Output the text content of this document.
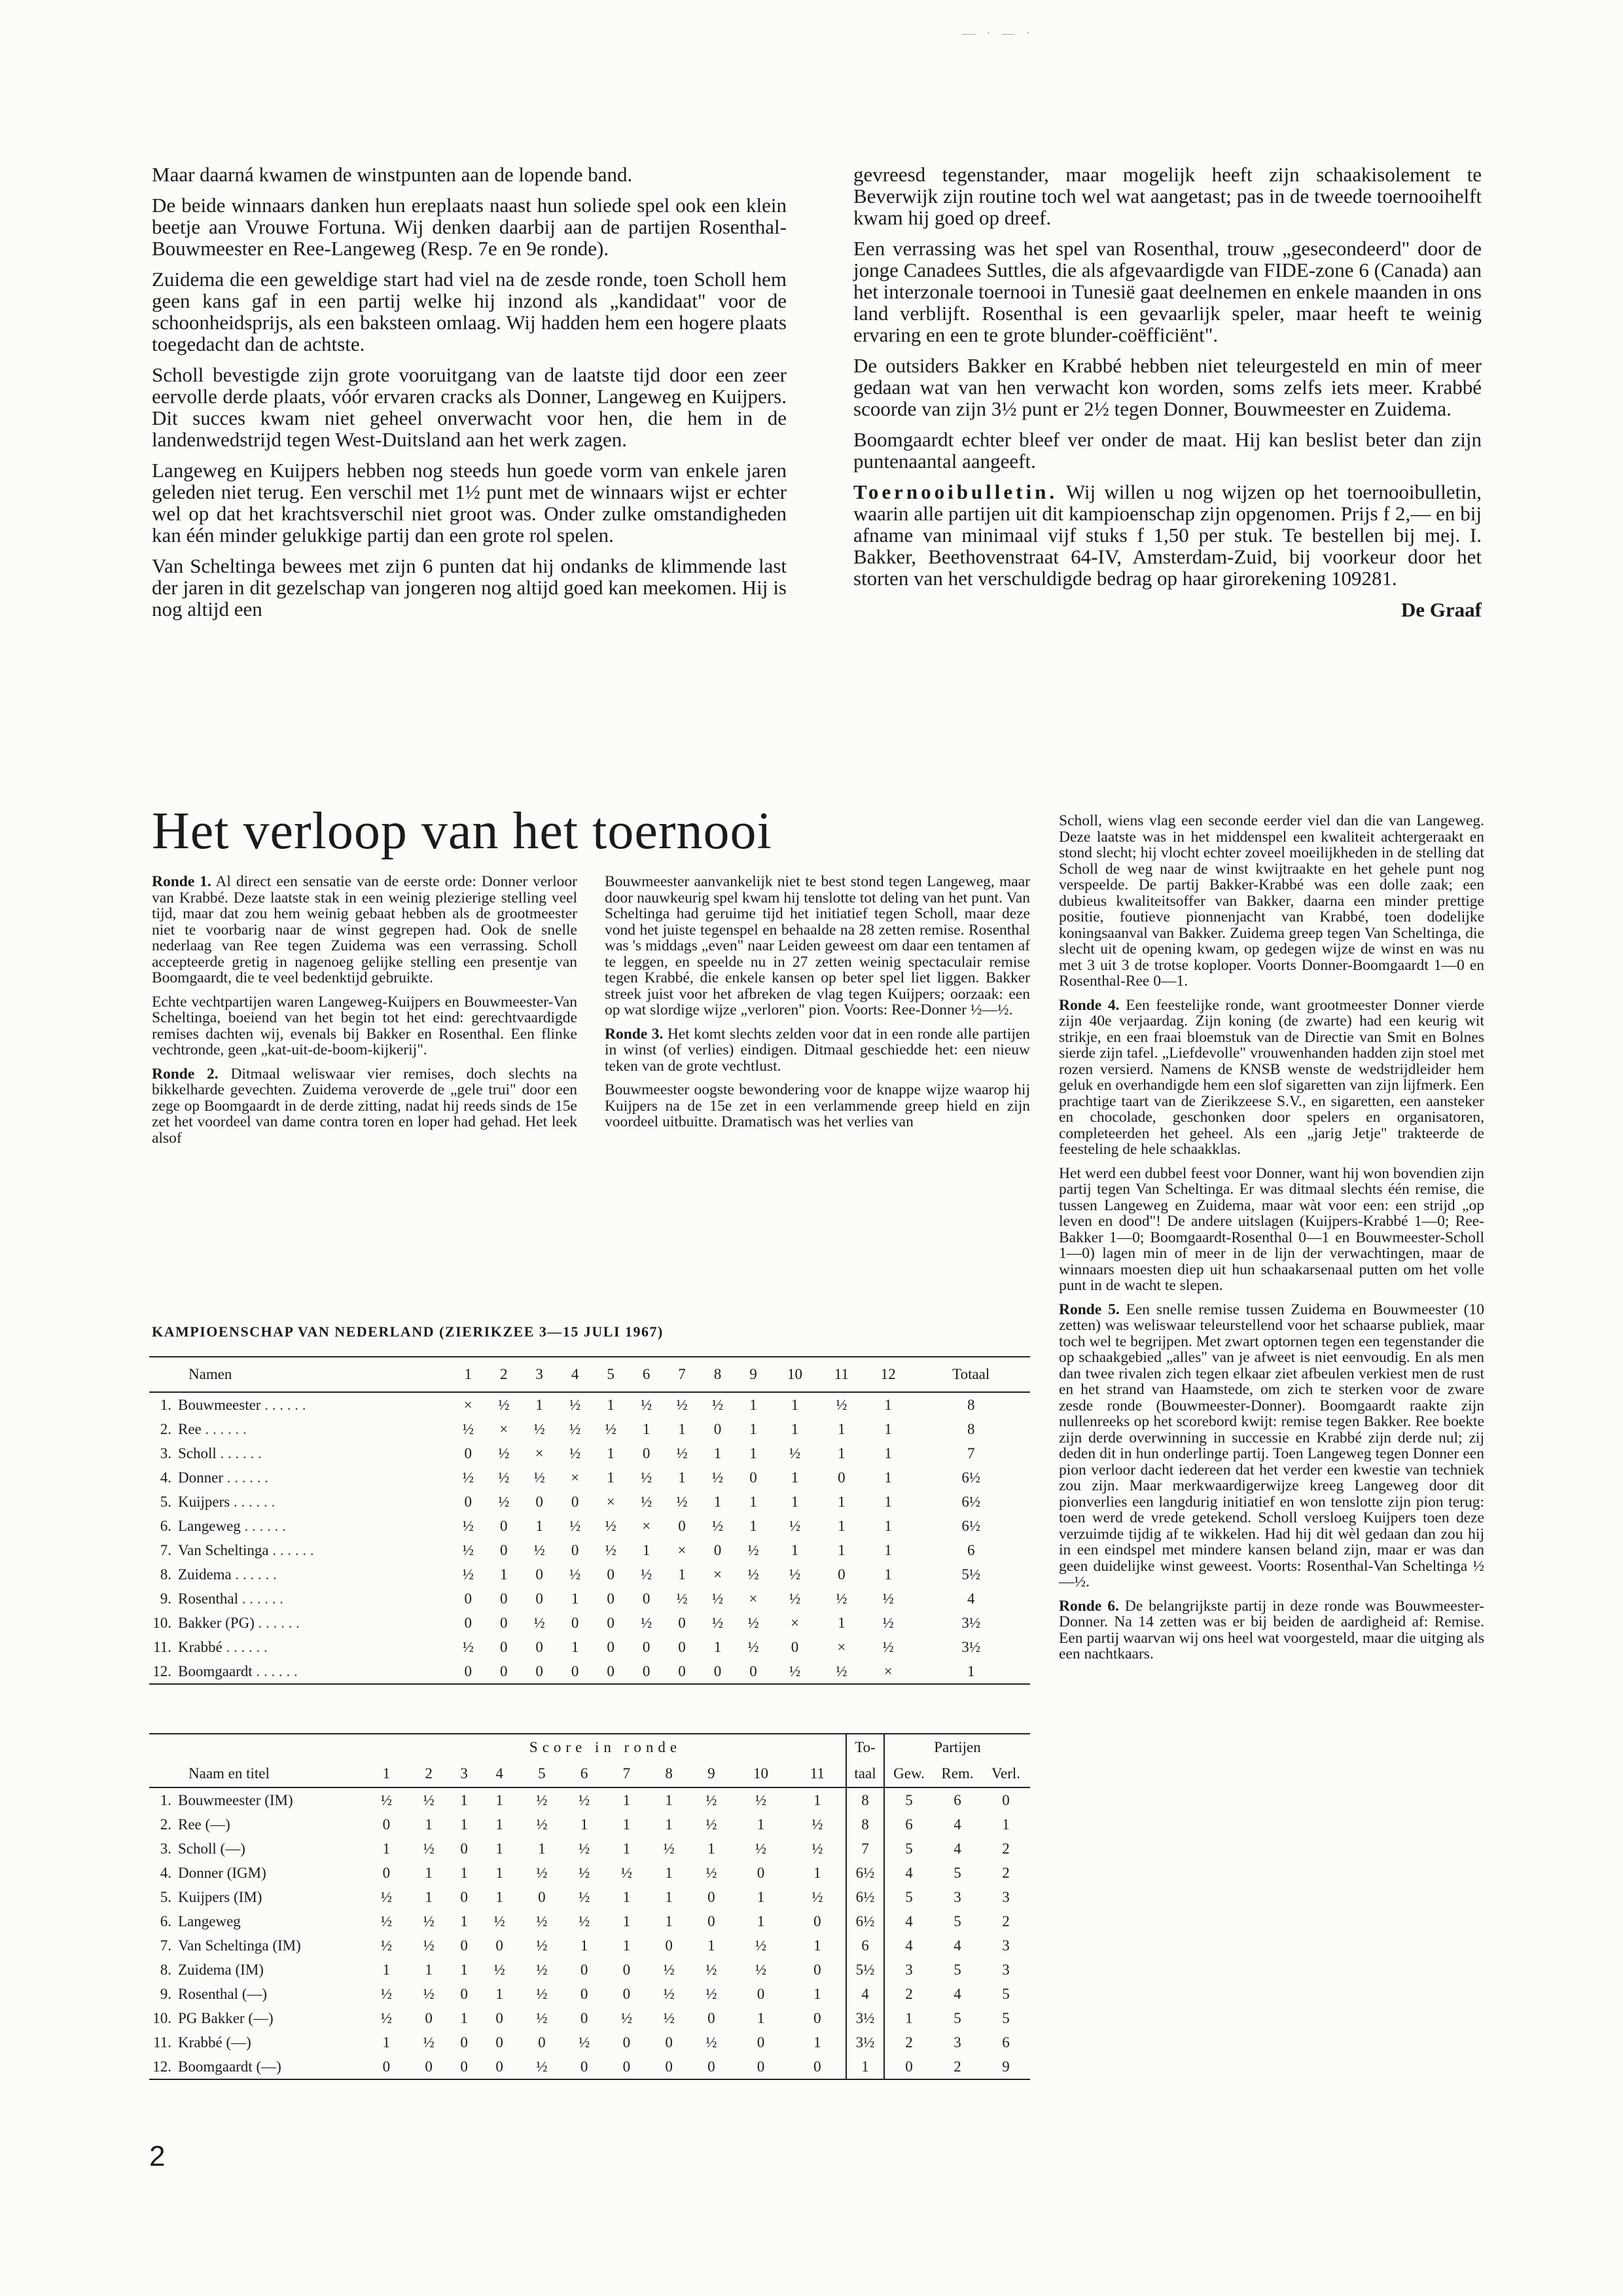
— · — ·

Maar daarná kwamen de winstpunten aan de lopende band.

De beide winnaars danken hun ereplaats naast hun soliede spel ook een klein beetje aan Vrouwe Fortuna. Wij denken daarbij aan de partijen Rosenthal-Bouwmeester en Ree-Langeweg (Resp. 7e en 9e ronde).

Zuidema die een geweldige start had viel na de zesde ronde, toen Scholl hem geen kans gaf in een partij welke hij inzond als „kandidaat" voor de schoonheidsprijs, als een baksteen omlaag. Wij hadden hem een hogere plaats toegedacht dan de achtste.

Scholl bevestigde zijn grote vooruitgang van de laatste tijd door een zeer eervolle derde plaats, vóór ervaren cracks als Donner, Langeweg en Kuijpers. Dit succes kwam niet geheel onverwacht voor hen, die hem in de landenwedstrijd tegen West-Duitsland aan het werk zagen.

Langeweg en Kuijpers hebben nog steeds hun goede vorm van enkele jaren geleden niet terug. Een verschil met 1½ punt met de winnaars wijst er echter wel op dat het krachtsverschil niet groot was. Onder zulke omstandigheden kan één minder gelukkige partij dan een grote rol spelen.

Van Scheltinga bewees met zijn 6 punten dat hij ondanks de klimmende last der jaren in dit gezelschap van jongeren nog altijd goed kan meekomen. Hij is nog altijd een

gevreesd tegenstander, maar mogelijk heeft zijn schaakisolement te Beverwijk zijn routine toch wel wat aangetast; pas in de tweede toernooihelft kwam hij goed op dreef.

Een verrassing was het spel van Rosenthal, trouw „gesecondeerd" door de jonge Canadees Suttles, die als afgevaardigde van FIDE-zone 6 (Canada) aan het interzonale toernooi in Tunesië gaat deelnemen en enkele maanden in ons land verblijft. Rosenthal is een gevaarlijk speler, maar heeft te weinig ervaring en een te grote blunder-coëfficiënt".

De outsiders Bakker en Krabbé hebben niet teleurgesteld en min of meer gedaan wat van hen verwacht kon worden, soms zelfs iets meer. Krabbé scoorde van zijn 3½ punt er 2½ tegen Donner, Bouwmeester en Zuidema.

Boomgaardt echter bleef ver onder de maat. Hij kan beslist beter dan zijn puntenaantal aangeeft.

Toernooibulletin. Wij willen u nog wijzen op het toernooibulletin, waarin alle partijen uit dit kampioenschap zijn opgenomen. Prijs f 2,— en bij afname van minimaal vijf stuks f 1,50 per stuk. Te bestellen bij mej. I. Bakker, Beethovenstraat 64-IV, Amsterdam-Zuid, bij voorkeur door het storten van het verschuldigde bedrag op haar girorekening 109281.

De Graaf
Het verloop van het toernooi

Ronde 1. Al direct een sensatie van de eerste orde: Donner verloor van Krabbé. Deze laatste stak in een weinig plezierige stelling veel tijd, maar dat zou hem weinig gebaat hebben als de grootmeester niet te voorbarig naar de winst gegrepen had. Ook de snelle nederlaag van Ree tegen Zuidema was een verrassing. Scholl accepteerde gretig in nagenoeg gelijke stelling een presentje van Boomgaardt, die te veel bedenktijd gebruikte.

Echte vechtpartijen waren Langeweg-Kuijpers en Bouwmeester-Van Scheltinga, boeiend van het begin tot het eind: gerechtvaardigde remises dachten wij, evenals bij Bakker en Rosenthal. Een flinke vechtronde, geen „kat-uit-de-boom-kijkerij".

Ronde 2. Ditmaal weliswaar vier remises, doch slechts na bikkelharde gevechten. Zuidema veroverde de „gele trui" door een zege op Boomgaardt in de derde zitting, nadat hij reeds sinds de 15e zet het voordeel van dame contra toren en loper had gehad. Het leek alsof

Bouwmeester aanvankelijk niet te best stond tegen Langeweg, maar door nauwkeurig spel kwam hij tenslotte tot deling van het punt. Van Scheltinga had geruime tijd het initiatief tegen Scholl, maar deze vond het juiste tegenspel en behaalde na 28 zetten remise. Rosenthal was 's middags „even" naar Leiden geweest om daar een tentamen af te leggen, en speelde nu in 27 zetten weinig spectaculair remise tegen Krabbé, die enkele kansen op beter spel liet liggen. Bakker streek juist voor het afbreken de vlag tegen Kuijpers; oorzaak: een op wat slordige wijze „verloren" pion. Voorts: Ree-Donner ½—½.

Ronde 3. Het komt slechts zelden voor dat in een ronde alle partijen in winst (of verlies) eindigen. Ditmaal geschiedde het: een nieuw teken van de grote vechtlust.

Bouwmeester oogste bewondering voor de knappe wijze waarop hij Kuijpers na de 15e zet in een verlammende greep hield en zijn voordeel uitbuitte. Dramatisch was het verlies van

Scholl, wiens vlag een seconde eerder viel dan die van Langeweg. Deze laatste was in het middenspel een kwaliteit achtergeraakt en stond slecht; hij vlocht echter zoveel moeilijkheden in de stelling dat Scholl de weg naar de winst kwijtraakte en het gehele punt nog verspeelde. De partij Bakker-Krabbé was een dolle zaak; een dubieus kwaliteitsoffer van Bakker, daarna een minder prettige positie, foutieve pionnenjacht van Krabbé, toen dodelijke koningsaanval van Bakker. Zuidema greep tegen Van Scheltinga, die slecht uit de opening kwam, op gedegen wijze de winst en was nu met 3 uit 3 de trotse koploper. Voorts Donner-Boomgaardt 1—0 en Rosenthal-Ree 0—1.

Ronde 4. Een feestelijke ronde, want grootmeester Donner vierde zijn 40e verjaardag. Zijn koning (de zwarte) had een keurig wit strikje, en een fraai bloemstuk van de Directie van Smit en Bolnes sierde zijn tafel. „Liefdevolle" vrouwenhanden hadden zijn stoel met rozen versierd. Namens de KNSB wenste de wedstrijdleider hem geluk en overhandigde hem een slof sigaretten van zijn lijfmerk. Een prachtige taart van de Zierikzeese S.V., en sigaretten, een aansteker en chocolade, geschonken door spelers en organisatoren, completeerden het geheel. Als een „jarig Jetje" trakteerde de feesteling de hele schaakklas.

Het werd een dubbel feest voor Donner, want hij won bovendien zijn partij tegen Van Scheltinga. Er was ditmaal slechts één remise, die tussen Langeweg en Zuidema, maar wàt voor een: een strijd „op leven en dood"! De andere uitslagen (Kuijpers-Krabbé 1—0; Ree-Bakker 1—0; Boomgaardt-Rosenthal 0—1 en Bouwmeester-Scholl 1—0) lagen min of meer in de lijn der verwachtingen, maar de winnaars moesten diep uit hun schaakarsenaal putten om het volle punt in de wacht te slepen.

Ronde 5. Een snelle remise tussen Zuidema en Bouwmeester (10 zetten) was weliswaar teleurstellend voor het schaarse publiek, maar toch wel te begrijpen. Met zwart optornen tegen een tegenstander die op schaakgebied „alles" van je afweet is niet eenvoudig. En als men dan twee rivalen zich tegen elkaar ziet afbeulen verkiest men de rust en het strand van Haamstede, om zich te sterken voor de zware zesde ronde (Bouwmeester-Donner). Boomgaardt raakte zijn nullenreeks op het scorebord kwijt: remise tegen Bakker. Ree boekte zijn derde overwinning in successie en Krabbé zijn derde nul; zij deden dit in hun onderlinge partij. Toen Langeweg tegen Donner een pion verloor dacht iedereen dat het verder een kwestie van techniek zou zijn. Maar merkwaardigerwijze kreeg Langeweg door dit pionverlies een langdurig initiatief en won tenslotte zijn pion terug: toen werd de vrede getekend. Scholl versloeg Kuijpers toen deze verzuimde tijdig af te wikkelen. Had hij dit wèl gedaan dan zou hij in een eindspel met mindere kansen beland zijn, maar er was dan geen duidelijke winst geweest. Voorts: Rosenthal-Van Scheltinga ½—½.

Ronde 6. De belangrijkste partij in deze ronde was Bouwmeester-Donner. Na 14 zetten was er bij beiden de aardigheid af: Remise. Een partij waarvan wij ons heel wat voorgesteld, maar die uitging als een nachtkaars.

KAMPIOENSCHAP VAN NEDERLAND (ZIERIKZEE 3—15 JULI 1967)
Namen	1	2	3	4	5	6	7	8	9	10	11	12	Totaal
1. Bouwmeester . . . . . .	×	½	1	½	1	½	½	½	1	1	½	1	8
2. Ree . . . . . .	½	×	½	½	½	1	1	0	1	1	1	1	8
3. Scholl . . . . . .	0	½	×	½	1	0	½	1	1	½	1	1	7
4. Donner . . . . . .	½	½	½	×	1	½	1	½	0	1	0	1	6½
5. Kuijpers . . . . . .	0	½	0	0	×	½	½	1	1	1	1	1	6½
6. Langeweg . . . . . .	½	0	1	½	½	×	0	½	1	½	1	1	6½
7. Van Scheltinga . . . . . .	½	0	½	0	½	1	×	0	½	1	1	1	6
8. Zuidema . . . . . .	½	1	0	½	0	½	1	×	½	½	0	1	5½
9. Rosenthal . . . . . .	0	0	0	1	0	0	½	½	×	½	½	½	4
10. Bakker (PG) . . . . . .	0	0	½	0	0	½	0	½	½	×	1	½	3½
11. Krabbé . . . . . .	½	0	0	1	0	0	0	1	½	0	×	½	3½
12. Boomgaardt . . . . . .	0	0	0	0	0	0	0	0	0	½	½	×	1
	Score in ronde											To-	Partijen		
Naam en titel	1	2	3	4	5	6	7	8	9	10	11	taal	Gew.	Rem.	Verl.
1. Bouwmeester (IM)	½	½	1	1	½	½	1	1	½	½	1	8	5	6	0
2. Ree (—)	0	1	1	1	½	1	1	1	½	1	½	8	6	4	1
3. Scholl (—)	1	½	0	1	1	½	1	½	1	½	½	7	5	4	2
4. Donner (IGM)	0	1	1	1	½	½	½	1	½	0	1	6½	4	5	2
5. Kuijpers (IM)	½	1	0	1	0	½	1	1	0	1	½	6½	5	3	3
6. Langeweg	½	½	1	½	½	½	1	1	0	1	0	6½	4	5	2
7. Van Scheltinga (IM)	½	½	0	0	½	1	1	0	1	½	1	6	4	4	3
8. Zuidema (IM)	1	1	1	½	½	0	0	½	½	½	0	5½	3	5	3
9. Rosenthal (—)	½	½	0	1	½	0	0	½	½	0	1	4	2	4	5
10. PG Bakker (—)	½	0	1	0	½	0	½	½	0	1	0	3½	1	5	5
11. Krabbé (—)	1	½	0	0	0	½	0	0	½	0	1	3½	2	3	6
12. Boomgaardt (—)	0	0	0	0	½	0	0	0	0	0	0	1	0	2	9
2
